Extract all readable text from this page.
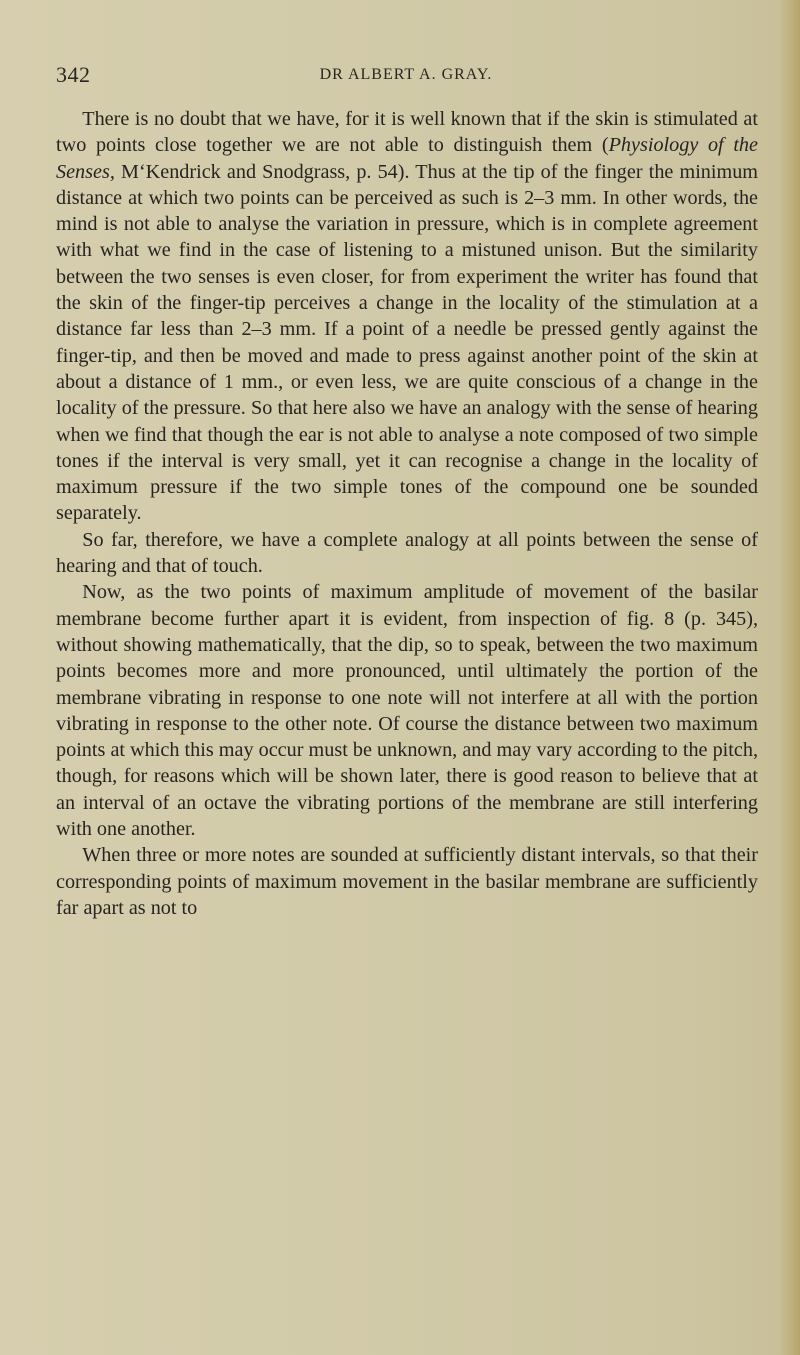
342	DR ALBERT A. GRAY.

There is no doubt that we have, for it is well known that if the skin is stimulated at two points close together we are not able to distinguish them (Physiology of the Senses, M‘Kendrick and Snodgrass, p. 54). Thus at the tip of the finger the minimum distance at which two points can be perceived as such is 2–3 mm. In other words, the mind is not able to analyse the variation in pressure, which is in complete agreement with what we find in the case of listening to a mistuned unison. But the similarity between the two senses is even closer, for from experiment the writer has found that the skin of the finger-tip perceives a change in the locality of the stimulation at a distance far less than 2–3 mm. If a point of a needle be pressed gently against the finger-tip, and then be moved and made to press against another point of the skin at about a distance of 1 mm., or even less, we are quite conscious of a change in the locality of the pressure. So that here also we have an analogy with the sense of hearing when we find that though the ear is not able to analyse a note composed of two simple tones if the interval is very small, yet it can recognise a change in the locality of maximum pressure if the two simple tones of the compound one be sounded separately.

So far, therefore, we have a complete analogy at all points between the sense of hearing and that of touch.

Now, as the two points of maximum amplitude of movement of the basilar membrane become further apart it is evident, from inspection of fig. 8 (p. 345), without showing mathematically, that the dip, so to speak, between the two maximum points becomes more and more pronounced, until ultimately the portion of the membrane vibrating in response to one note will not interfere at all with the portion vibrating in response to the other note. Of course the distance between two maximum points at which this may occur must be unknown, and may vary according to the pitch, though, for reasons which will be shown later, there is good reason to believe that at an interval of an octave the vibrating portions of the membrane are still interfering with one another.

When three or more notes are sounded at sufficiently distant intervals, so that their corresponding points of maximum movement in the basilar membrane are sufficiently far apart as not to
